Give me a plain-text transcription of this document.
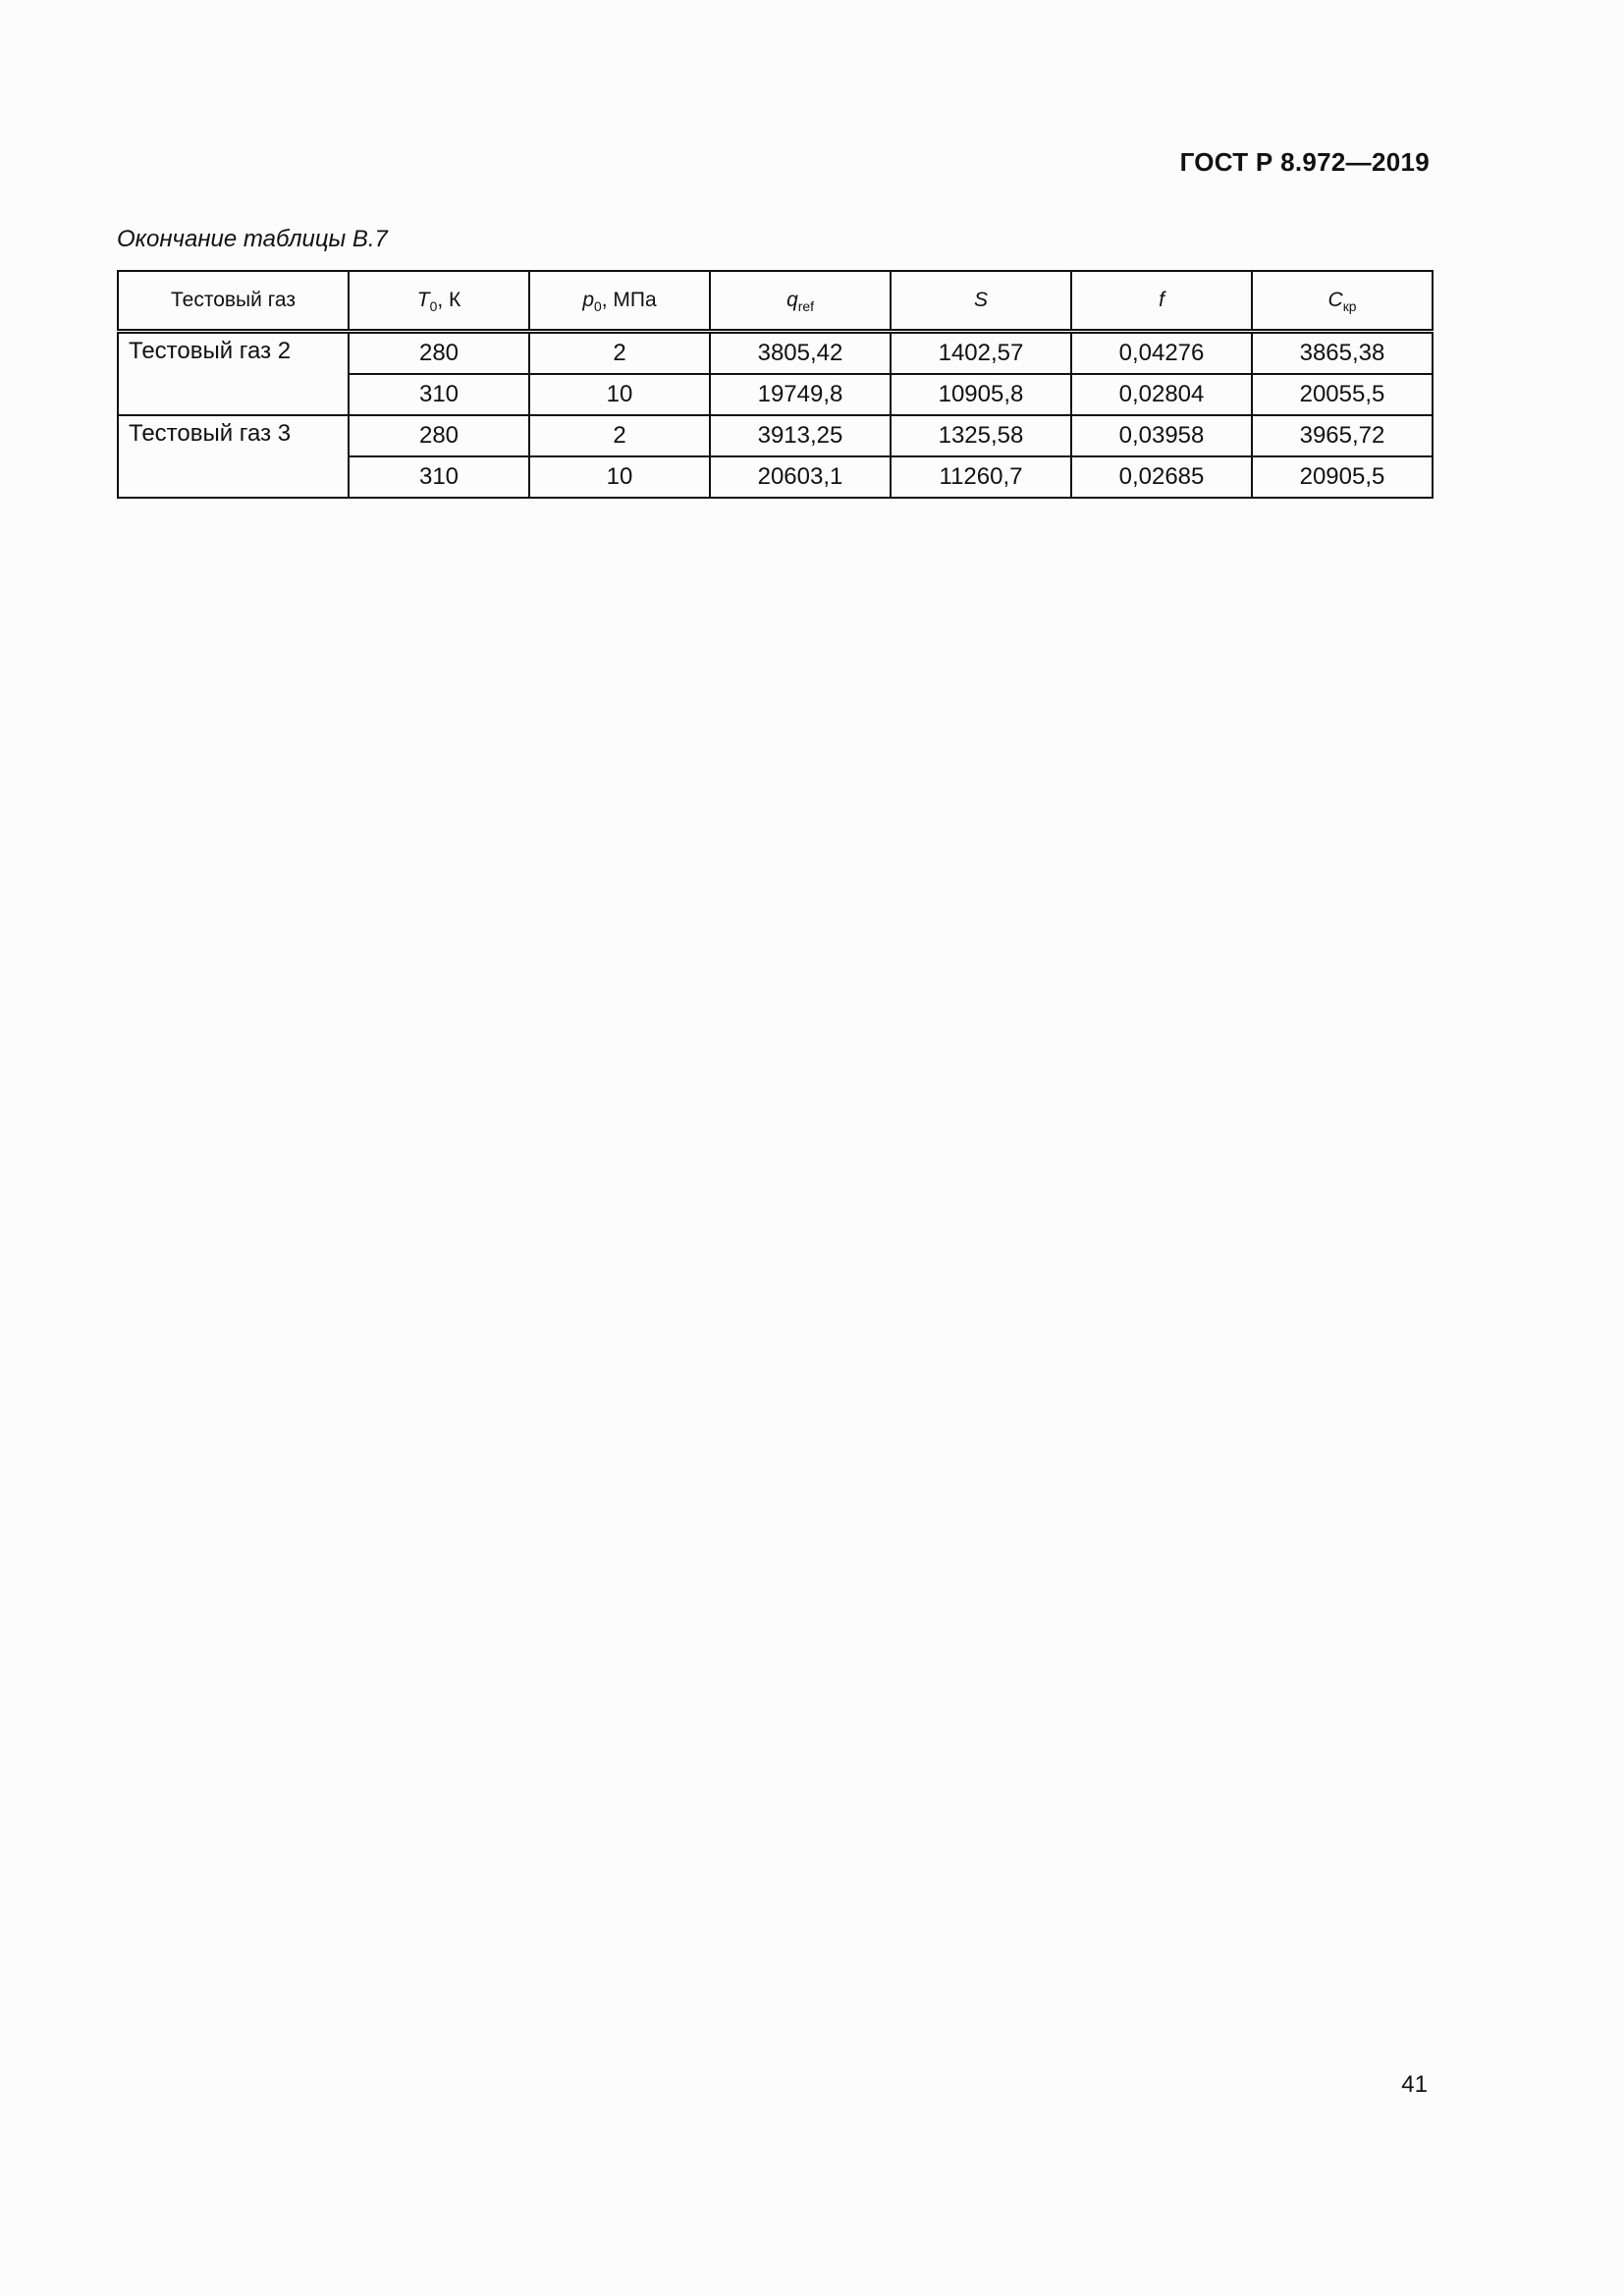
ГОСТ Р 8.972—2019
Окончание таблицы В.7
Тестовый газ	$T_0$, К	$p_0$, МПа	$q_{ref}$	S	f	$C_{кр}$
Тестовый газ 2	280	2	3805,42	1402,57	0,04276	3865,38
	310	10	19749,8	10905,8	0,02804	20055,5
Тестовый газ 3	280	2	3913,25	1325,58	0,03958	3965,72
	310	10	20603,1	11260,7	0,02685	20905,5
41
